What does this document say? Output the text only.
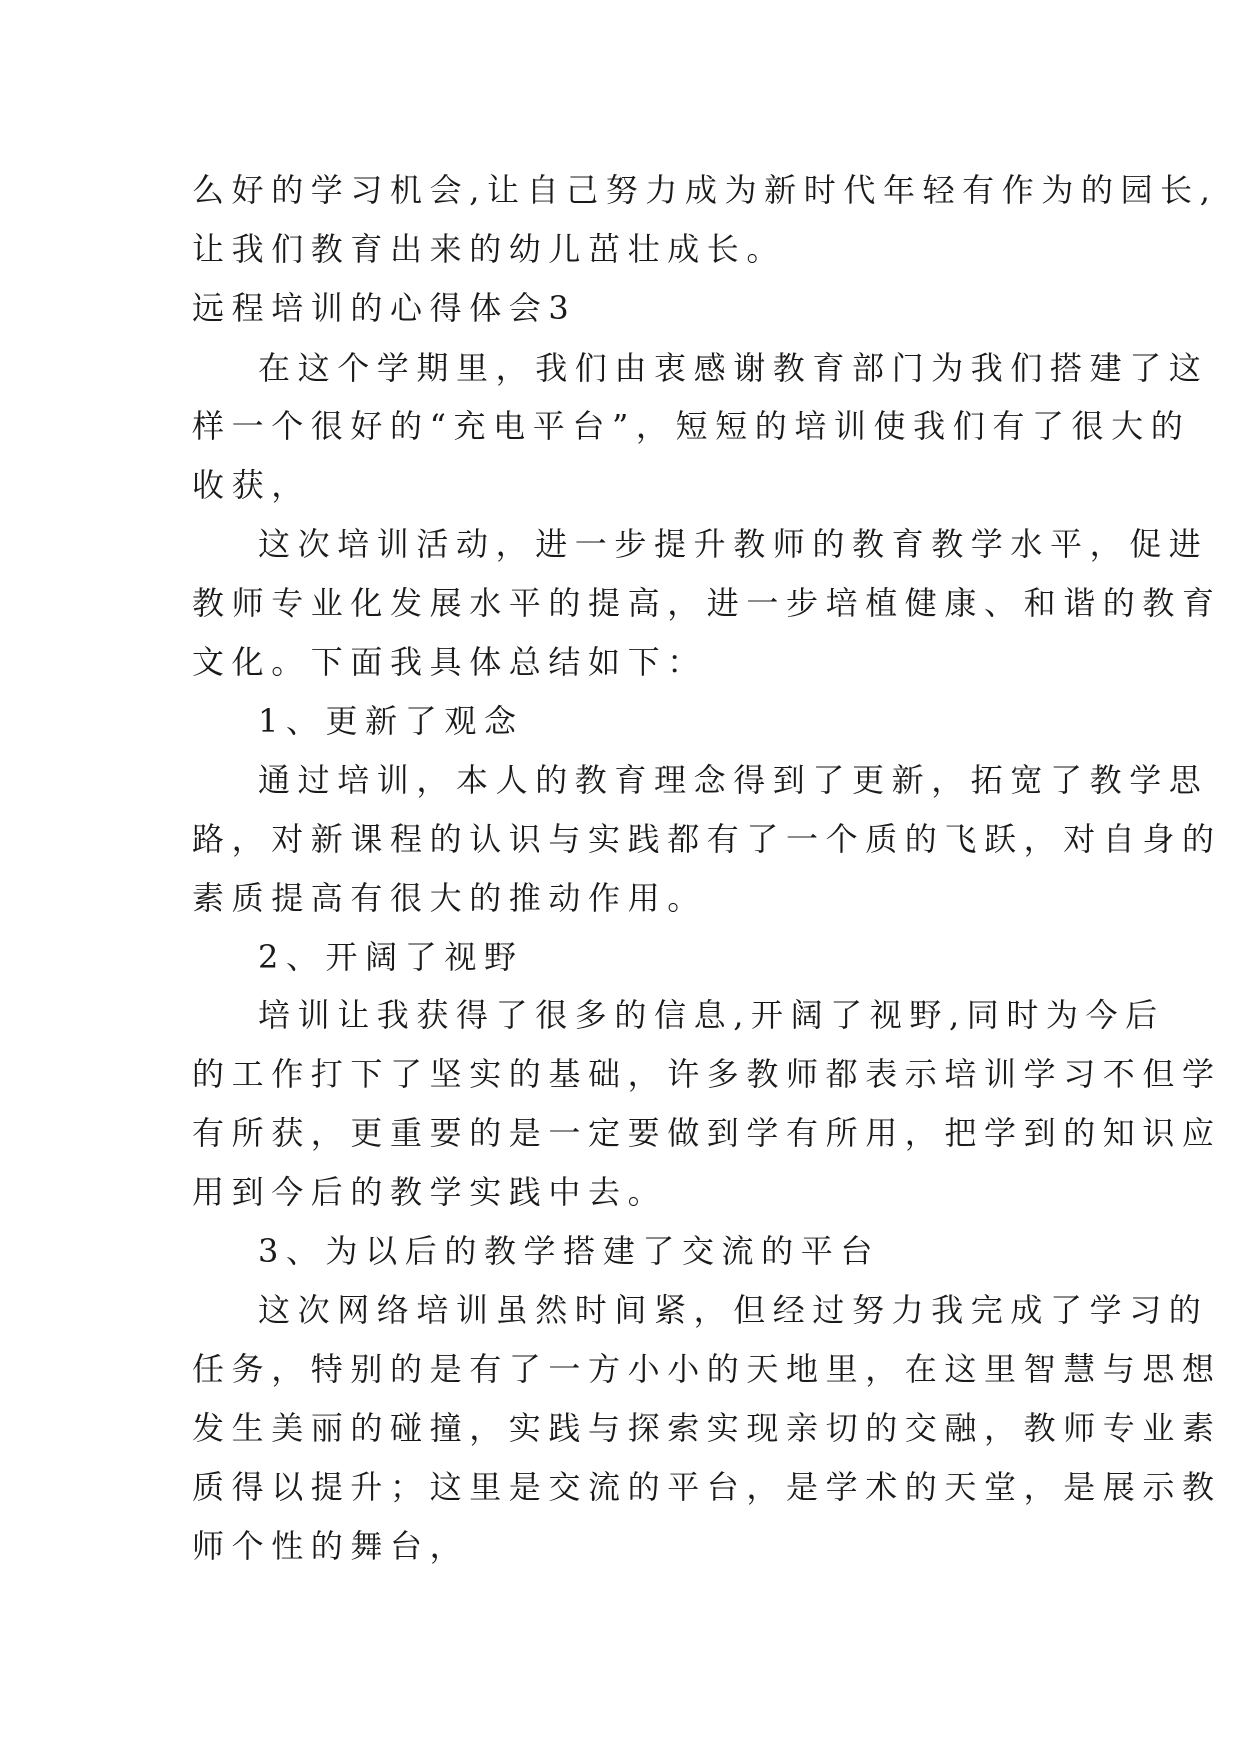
么好的学习机会,让自己努力成为新时代年轻有作为的园长,
让我们教育出来的幼儿茁壮成长。
远程培训的心得体会3
在这个学期里，我们由衷感谢教育部门为我们搭建了这
样一个很好的“充电平台”，短短的培训使我们有了很大的
收获，
这次培训活动，进一步提升教师的教育教学水平，促进
教师专业化发展水平的提高，进一步培植健康、和谐的教育
文化。下面我具体总结如下：
1、更新了观念
通过培训，本人的教育理念得到了更新，拓宽了教学思
路，对新课程的认识与实践都有了一个质的飞跃，对自身的
素质提高有很大的推动作用。
2、开阔了视野
培训让我获得了很多的信息,开阔了视野,同时为今后
的工作打下了坚实的基础，许多教师都表示培训学习不但学
有所获，更重要的是一定要做到学有所用，把学到的知识应
用到今后的教学实践中去。
3、为以后的教学搭建了交流的平台
这次网络培训虽然时间紧，但经过努力我完成了学习的
任务，特别的是有了一方小小的天地里，在这里智慧与思想
发生美丽的碰撞，实践与探索实现亲切的交融，教师专业素
质得以提升；这里是交流的平台，是学术的天堂，是展示教
师个性的舞台，
